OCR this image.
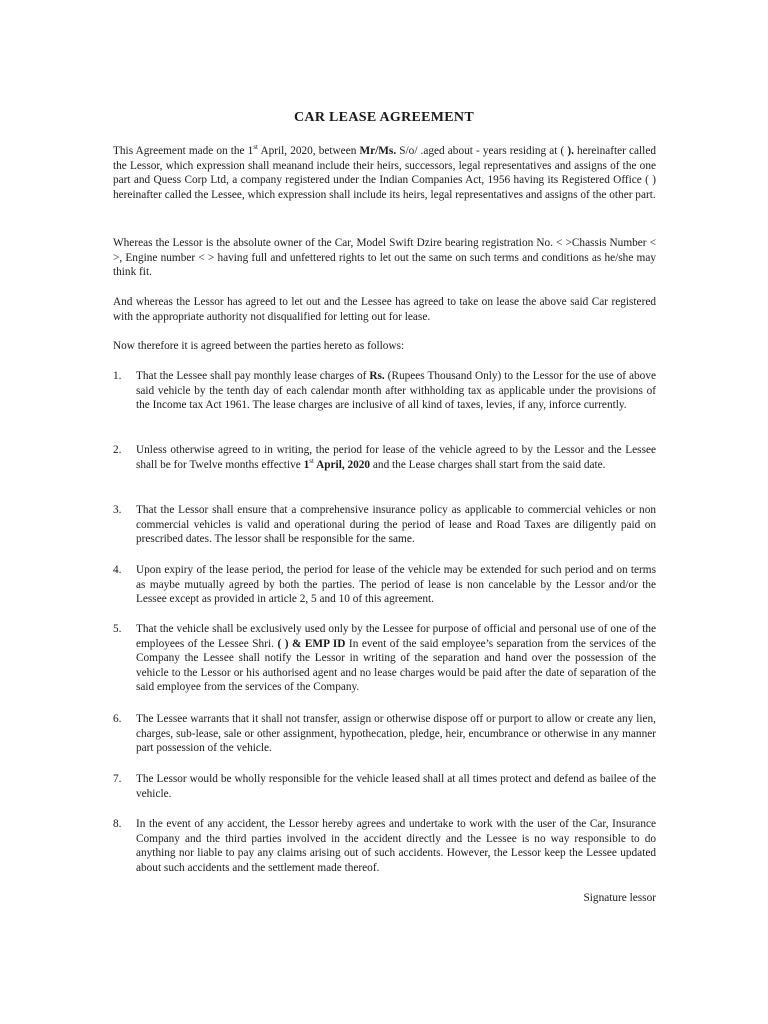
CAR LEASE AGREEMENT

This Agreement made on the 1st April, 2020, between Mr/Ms. S/o/ .aged about - years residing at ( ). hereinafter called the Lessor, which expression shall meanand include their heirs, successors, legal representatives and assigns of the one part and Quess Corp Ltd, a company registered under the Indian Companies Act, 1956 having its Registered Office ( ) hereinafter called the Lessee, which expression shall include its heirs, legal representatives and assigns of the other part.

Whereas the Lessor is the absolute owner of the Car, Model Swift Dzire bearing registration No. < >Chassis Number < >, Engine number < > having full and unfettered rights to let out the same on such terms and conditions as he/she may think fit.

And whereas the Lessor has agreed to let out and the Lessee has agreed to take on lease the above said Car registered with the appropriate authority not disqualified for letting out for lease.

Now therefore it is agreed between the parties hereto as follows:

1.	That the Lessee shall pay monthly lease charges of Rs. (Rupees Thousand Only) to the Lessor for the use of above said vehicle by the tenth day of each calendar month after withholding tax as applicable under the provisions of the Income tax Act 1961. The lease charges are inclusive of all kind of taxes, levies, if any, inforce currently.

2.	Unless otherwise agreed to in writing, the period for lease of the vehicle agreed to by the Lessor and the Lessee shall be for Twelve months effective 1st April, 2020 and the Lease charges shall start from the said date.

3.	That the Lessor shall ensure that a comprehensive insurance policy as applicable to commercial vehicles or non commercial vehicles is valid and operational during the period of lease and Road Taxes are diligently paid on prescribed dates. The lessor shall be responsible for the same.

4.	Upon expiry of the lease period, the period for lease of the vehicle may be extended for such period and on terms as maybe mutually agreed by both the parties. The period of lease is non cancelable by the Lessor and/or the Lessee except as provided in article 2, 5 and 10 of this agreement.

5.	That the vehicle shall be exclusively used only by the Lessee for purpose of official and personal use of one of the employees of the Lessee Shri. ( ) & EMP ID In event of the said employee’s separation from the services of the Company the Lessee shall notify the Lessor in writing of the separation and hand over the possession of the vehicle to the Lessor or his authorised agent and no lease charges would be paid after the date of separation of the said employee from the services of the Company.

6.	The Lessee warrants that it shall not transfer, assign or otherwise dispose off or purport to allow or create any lien, charges, sub-lease, sale or other assignment, hypothecation, pledge, heir, encumbrance or otherwise in any manner part possession of the vehicle.

7.	The Lessor would be wholly responsible for the vehicle leased shall at all times protect and defend as bailee of the vehicle.

8.	In the event of any accident, the Lessor hereby agrees and undertake to work with the user of the Car, Insurance Company and the third parties involved in the accident directly and the Lessee is no way responsible to do anything nor liable to pay any claims arising out of such accidents. However, the Lessor keep the Lessee updated about such accidents and the settlement made thereof.

Signature lessor
